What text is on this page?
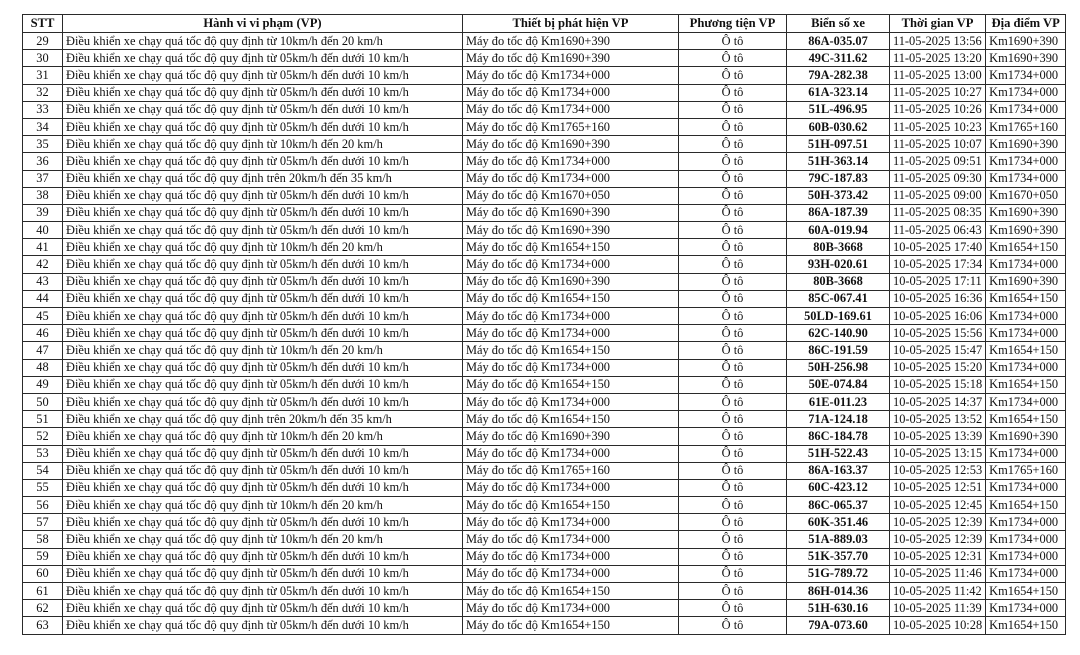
STT	Hành vi vi phạm (VP)	Thiết bị phát hiện VP	Phương tiện VP	Biển số xe	Thời gian VP	Địa điểm VP
29	Điều khiển xe chạy quá tốc độ quy định từ 10km/h đến 20 km/h	Máy đo tốc độ Km1690+390	Ô tô	86A-035.07	11-05-2025 13:56	Km1690+390
30	Điều khiển xe chạy quá tốc độ quy định từ 05km/h đến dưới 10 km/h	Máy đo tốc độ Km1690+390	Ô tô	49C-311.62	11-05-2025 13:20	Km1690+390
31	Điều khiển xe chạy quá tốc độ quy định từ 05km/h đến dưới 10 km/h	Máy đo tốc độ Km1734+000	Ô tô	79A-282.38	11-05-2025 13:00	Km1734+000
32	Điều khiển xe chạy quá tốc độ quy định từ 05km/h đến dưới 10 km/h	Máy đo tốc độ Km1734+000	Ô tô	61A-323.14	11-05-2025 10:27	Km1734+000
33	Điều khiển xe chạy quá tốc độ quy định từ 05km/h đến dưới 10 km/h	Máy đo tốc độ Km1734+000	Ô tô	51L-496.95	11-05-2025 10:26	Km1734+000
34	Điều khiển xe chạy quá tốc độ quy định từ 05km/h đến dưới 10 km/h	Máy đo tốc độ Km1765+160	Ô tô	60B-030.62	11-05-2025 10:23	Km1765+160
35	Điều khiển xe chạy quá tốc độ quy định từ 10km/h đến 20 km/h	Máy đo tốc độ Km1690+390	Ô tô	51H-097.51	11-05-2025 10:07	Km1690+390
36	Điều khiển xe chạy quá tốc độ quy định từ 05km/h đến dưới 10 km/h	Máy đo tốc độ Km1734+000	Ô tô	51H-363.14	11-05-2025 09:51	Km1734+000
37	Điều khiển xe chạy quá tốc độ quy định trên 20km/h đến 35 km/h	Máy đo tốc độ Km1734+000	Ô tô	79C-187.83	11-05-2025 09:30	Km1734+000
38	Điều khiển xe chạy quá tốc độ quy định từ 05km/h đến dưới 10 km/h	Máy đo tốc độ Km1670+050	Ô tô	50H-373.42	11-05-2025 09:00	Km1670+050
39	Điều khiển xe chạy quá tốc độ quy định từ 05km/h đến dưới 10 km/h	Máy đo tốc độ Km1690+390	Ô tô	86A-187.39	11-05-2025 08:35	Km1690+390
40	Điều khiển xe chạy quá tốc độ quy định từ 05km/h đến dưới 10 km/h	Máy đo tốc độ Km1690+390	Ô tô	60A-019.94	11-05-2025 06:43	Km1690+390
41	Điều khiển xe chạy quá tốc độ quy định từ 10km/h đến 20 km/h	Máy đo tốc độ Km1654+150	Ô tô	80B-3668	10-05-2025 17:40	Km1654+150
42	Điều khiển xe chạy quá tốc độ quy định từ 05km/h đến dưới 10 km/h	Máy đo tốc độ Km1734+000	Ô tô	93H-020.61	10-05-2025 17:34	Km1734+000
43	Điều khiển xe chạy quá tốc độ quy định từ 05km/h đến dưới 10 km/h	Máy đo tốc độ Km1690+390	Ô tô	80B-3668	10-05-2025 17:11	Km1690+390
44	Điều khiển xe chạy quá tốc độ quy định từ 05km/h đến dưới 10 km/h	Máy đo tốc độ Km1654+150	Ô tô	85C-067.41	10-05-2025 16:36	Km1654+150
45	Điều khiển xe chạy quá tốc độ quy định từ 05km/h đến dưới 10 km/h	Máy đo tốc độ Km1734+000	Ô tô	50LD-169.61	10-05-2025 16:06	Km1734+000
46	Điều khiển xe chạy quá tốc độ quy định từ 05km/h đến dưới 10 km/h	Máy đo tốc độ Km1734+000	Ô tô	62C-140.90	10-05-2025 15:56	Km1734+000
47	Điều khiển xe chạy quá tốc độ quy định từ 10km/h đến 20 km/h	Máy đo tốc độ Km1654+150	Ô tô	86C-191.59	10-05-2025 15:47	Km1654+150
48	Điều khiển xe chạy quá tốc độ quy định từ 05km/h đến dưới 10 km/h	Máy đo tốc độ Km1734+000	Ô tô	50H-256.98	10-05-2025 15:20	Km1734+000
49	Điều khiển xe chạy quá tốc độ quy định từ 05km/h đến dưới 10 km/h	Máy đo tốc độ Km1654+150	Ô tô	50E-074.84	10-05-2025 15:18	Km1654+150
50	Điều khiển xe chạy quá tốc độ quy định từ 05km/h đến dưới 10 km/h	Máy đo tốc độ Km1734+000	Ô tô	61E-011.23	10-05-2025 14:37	Km1734+000
51	Điều khiển xe chạy quá tốc độ quy định trên 20km/h đến 35 km/h	Máy đo tốc độ Km1654+150	Ô tô	71A-124.18	10-05-2025 13:52	Km1654+150
52	Điều khiển xe chạy quá tốc độ quy định từ 10km/h đến 20 km/h	Máy đo tốc độ Km1690+390	Ô tô	86C-184.78	10-05-2025 13:39	Km1690+390
53	Điều khiển xe chạy quá tốc độ quy định từ 05km/h đến dưới 10 km/h	Máy đo tốc độ Km1734+000	Ô tô	51H-522.43	10-05-2025 13:15	Km1734+000
54	Điều khiển xe chạy quá tốc độ quy định từ 05km/h đến dưới 10 km/h	Máy đo tốc độ Km1765+160	Ô tô	86A-163.37	10-05-2025 12:53	Km1765+160
55	Điều khiển xe chạy quá tốc độ quy định từ 05km/h đến dưới 10 km/h	Máy đo tốc độ Km1734+000	Ô tô	60C-423.12	10-05-2025 12:51	Km1734+000
56	Điều khiển xe chạy quá tốc độ quy định từ 10km/h đến 20 km/h	Máy đo tốc độ Km1654+150	Ô tô	86C-065.37	10-05-2025 12:45	Km1654+150
57	Điều khiển xe chạy quá tốc độ quy định từ 05km/h đến dưới 10 km/h	Máy đo tốc độ Km1734+000	Ô tô	60K-351.46	10-05-2025 12:39	Km1734+000
58	Điều khiển xe chạy quá tốc độ quy định từ 10km/h đến 20 km/h	Máy đo tốc độ Km1734+000	Ô tô	51A-889.03	10-05-2025 12:39	Km1734+000
59	Điều khiển xe chạy quá tốc độ quy định từ 05km/h đến dưới 10 km/h	Máy đo tốc độ Km1734+000	Ô tô	51K-357.70	10-05-2025 12:31	Km1734+000
60	Điều khiển xe chạy quá tốc độ quy định từ 05km/h đến dưới 10 km/h	Máy đo tốc độ Km1734+000	Ô tô	51G-789.72	10-05-2025 11:46	Km1734+000
61	Điều khiển xe chạy quá tốc độ quy định từ 05km/h đến dưới 10 km/h	Máy đo tốc độ Km1654+150	Ô tô	86H-014.36	10-05-2025 11:42	Km1654+150
62	Điều khiển xe chạy quá tốc độ quy định từ 05km/h đến dưới 10 km/h	Máy đo tốc độ Km1734+000	Ô tô	51H-630.16	10-05-2025 11:39	Km1734+000
63	Điều khiển xe chạy quá tốc độ quy định từ 05km/h đến dưới 10 km/h	Máy đo tốc độ Km1654+150	Ô tô	79A-073.60	10-05-2025 10:28	Km1654+150
